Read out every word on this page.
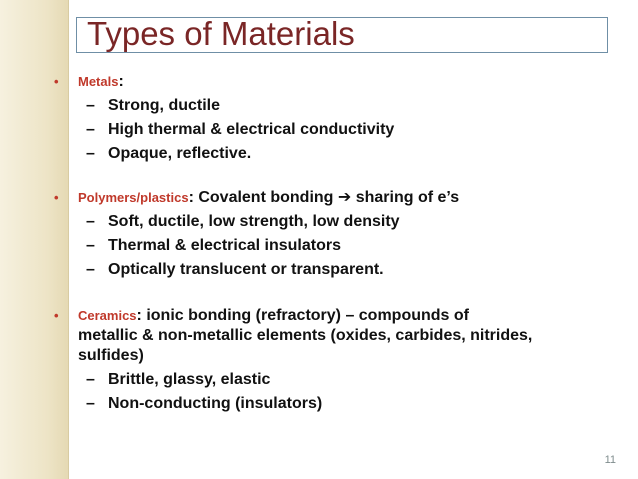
Types of Materials
• Metals:
– Strong, ductile
– High thermal & electrical conductivity
– Opaque, reflective.
• Polymers/plastics: Covalent bonding ➔ sharing of e’s
– Soft, ductile, low strength, low density
– Thermal & electrical insulators
– Optically translucent or transparent.
• Ceramics: ionic bonding (refractory) – compounds of
metallic & non-metallic elements (oxides, carbides, nitrides,
sulfides)
– Brittle, glassy, elastic
– Non-conducting (insulators)
11
